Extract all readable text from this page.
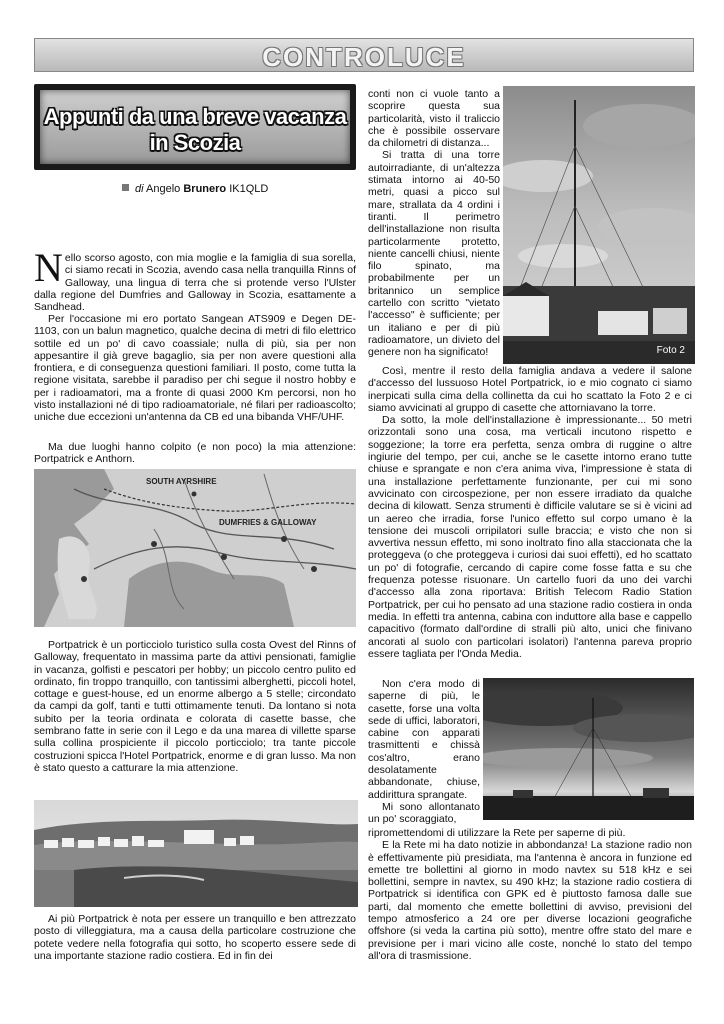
CONTROLUCE
Appunti da una breve vacanza
in Scozia
di Angelo Brunero IK1QLD
Nello scorso agosto, con mia moglie e la famiglia di sua sorella, ci siamo recati in Scozia, avendo casa nella tranquilla Rinns of Galloway, una lingua di terra che si protende verso l'Ulster dalla regione del Dumfries and Galloway in Scozia, esattamente a Sandhead.
Per l'occasione mi ero portato Sangean ATS909 e Degen DE-1103, con un balun magnetico, qualche decina di metri di filo elettrico sottile ed un po' di cavo coassiale; nulla di più, sia per non appesantire il già greve bagaglio, sia per non avere questioni alla frontiera, e di conseguenza questioni familiari. Il posto, come tutta la regione visitata, sarebbe il paradiso per chi segue il nostro hobby e per i radioamatori, ma a fronte di quasi 2000 Km percorsi, non ho visto installazioni né di tipo radioamatoriale, né filari per radioascolto; uniche due eccezioni un'antenna da CB ed una bibanda VHF/UHF.
Ma due luoghi hanno colpito (e non poco) la mia attenzione: Portpatrick e Anthorn.
SOUTH AYRSHIRE
DUMFRIES & GALLOWAY
Portpatrick è un porticciolo turistico sulla costa Ovest del Rinns of Galloway, frequentato in massima parte da attivi pensionati, famiglie in vacanza, golfisti e pescatori per hobby; un piccolo centro pulito ed ordinato, fin troppo tranquillo, con tantissimi alberghetti, piccoli hotel, cottage e guest-house, ed un enorme albergo a 5 stelle; circondato da campi da golf, tanti e tutti ottimamente tenuti. Da lontano si nota subito per la teoria ordinata e colorata di casette basse, che sembrano fatte in serie con il Lego e da una marea di villette sparse sulla collina prospiciente il piccolo porticciolo; tra tante piccole costruzioni spicca l'Hotel Portpatrick, enorme e di gran lusso. Ma non è stato questo a catturare la mia attenzione.
Ai più Portpatrick è nota per essere un tranquillo e ben attrezzato posto di villeggiatura, ma a causa della particolare costruzione che potete vedere nella fotografia qui sotto, ho scoperto essere sede di una importante stazione radio costiera. Ed in fin dei
conti non ci vuole tanto a scoprire questa sua particolarità, visto il traliccio che è possibile osservare da chilometri di distanza...
Si tratta di una torre autoirradiante, di un'altezza stimata intorno ai 40-50 metri, quasi a picco sul mare, strallata da 4 ordini i tiranti. Il perimetro dell'installazione non risulta particolarmente protetto, niente cancelli chiusi, niente filo spinato, ma probabilmente per un britannico un semplice cartello con scritto "vietato l'accesso" è sufficiente; per un italiano e per di più radioamatore, un divieto del genere non ha significato!	Foto 2
Così, mentre il resto della famiglia andava a vedere il salone d'accesso del lussuoso Hotel Portpatrick, io e mio cognato ci siamo inerpicati sulla cima della collinetta da cui ho scattato la Foto 2 e ci siamo avvicinati al gruppo di casette che attorniavano la torre.
Da sotto, la mole dell'installazione è impressionante... 50 metri orizzontali sono una cosa, ma verticali incutono rispetto e soggezione; la torre era perfetta, senza ombra di ruggine o altre ingiurie del tempo, per cui, anche se le casette intorno erano tutte chiuse e sprangate e non c'era anima viva, l'impressione è stata di una installazione perfettamente funzionante, per cui mi sono avvicinato con circospezione, per non essere irradiato da qualche decina di kilowatt. Senza strumenti è difficile valutare se si è vicini ad un aereo che irradia, forse l'unico effetto sul corpo umano è la tensione dei muscoli orripilatori sulle braccia; e visto che non si avvertiva nessun effetto, mi sono inoltrato fino alla staccionata che la proteggeva (o che proteggeva i curiosi dai suoi effetti), ed ho scattato un po' di fotografie, cercando di capire come fosse fatta e su che frequenza potesse risuonare. Un cartello fuori da uno dei varchi d'accesso alla zona riportava: British Telecom Radio Station Portpatrick, per cui ho pensato ad una stazione radio costiera in onda media. In effetti tra antenna, cabina con induttore alla base e cappello capacitivo (formato dall'ordine di stralli più alto, unici che finivano ancorati al suolo con particolari isolatori) l'antenna pareva proprio essere tagliata per l'Onda Media.
Non c'era modo di saperne di più, le casette, forse una volta sede di uffici, laboratori, cabine con apparati trasmittenti e chissà cos'altro, erano desolatamente abbandonate, chiuse, addirittura sprangate.
Mi sono allontanato un po' scoraggiato,
ripromettendomi di utilizzare la Rete per saperne di più.
E la Rete mi ha dato notizie in abbondanza! La stazione radio non è effettivamente più presidiata, ma l'antenna è ancora in funzione ed emette tre bollettini al giorno in modo navtex su 518 kHz e sei bollettini, sempre in navtex, su 490 kHz; la stazione radio costiera di Portpatrick si identifica con GPK ed è piuttosto famosa dalle sue parti, dal momento che emette bollettini di avviso, previsioni del tempo atmosferico a 24 ore per diverse locazioni geografiche offshore (si veda la cartina più sotto), mentre offre stato del mare e previsione per i mari vicino alle coste, nonché lo stato del tempo all'ora di trasmissione.
